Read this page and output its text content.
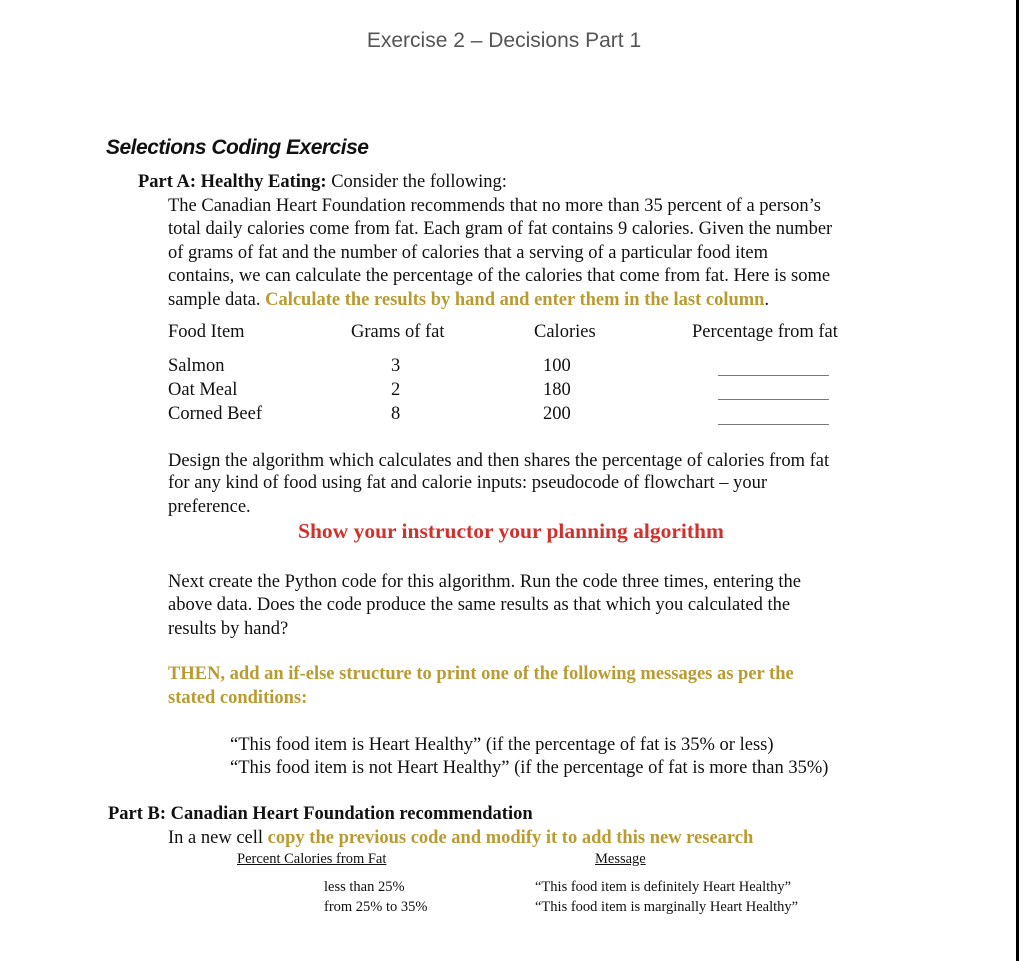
Exercise 2 – Decisions Part 1
Selections Coding Exercise
Part A: Healthy Eating: Consider the following:
The Canadian Heart Foundation recommends that no more than 35 percent of a person’s
total daily calories come from fat. Each gram of fat contains 9 calories. Given the number
of grams of fat and the number of calories that a serving of a particular food item
contains, we can calculate the percentage of the calories that come from fat. Here is some
sample data. Calculate the results by hand and enter them in the last column.
Food Item	Grams of fat	Calories	Percentage from fat
Salmon	3	100
Oat Meal	2	180
Corned Beef	8	200
Design the algorithm which calculates and then shares the percentage of calories from fat
for any kind of food using fat and calorie inputs: pseudocode of flowchart – your
preference.
Show your instructor your planning algorithm
Next create the Python code for this algorithm. Run the code three times, entering the
above data. Does the code produce the same results as that which you calculated the
results by hand?
THEN, add an if-else structure to print one of the following messages as per the
stated conditions:
“This food item is Heart Healthy” (if the percentage of fat is 35% or less)
“This food item is not Heart Healthy” (if the percentage of fat is more than 35%)
Part B: Canadian Heart Foundation recommendation
In a new cell copy the previous code and modify it to add this new research
Percent Calories from Fat	Message
less than 25%	“This food item is definitely Heart Healthy”
from 25% to 35%	“This food item is marginally Heart Healthy”
